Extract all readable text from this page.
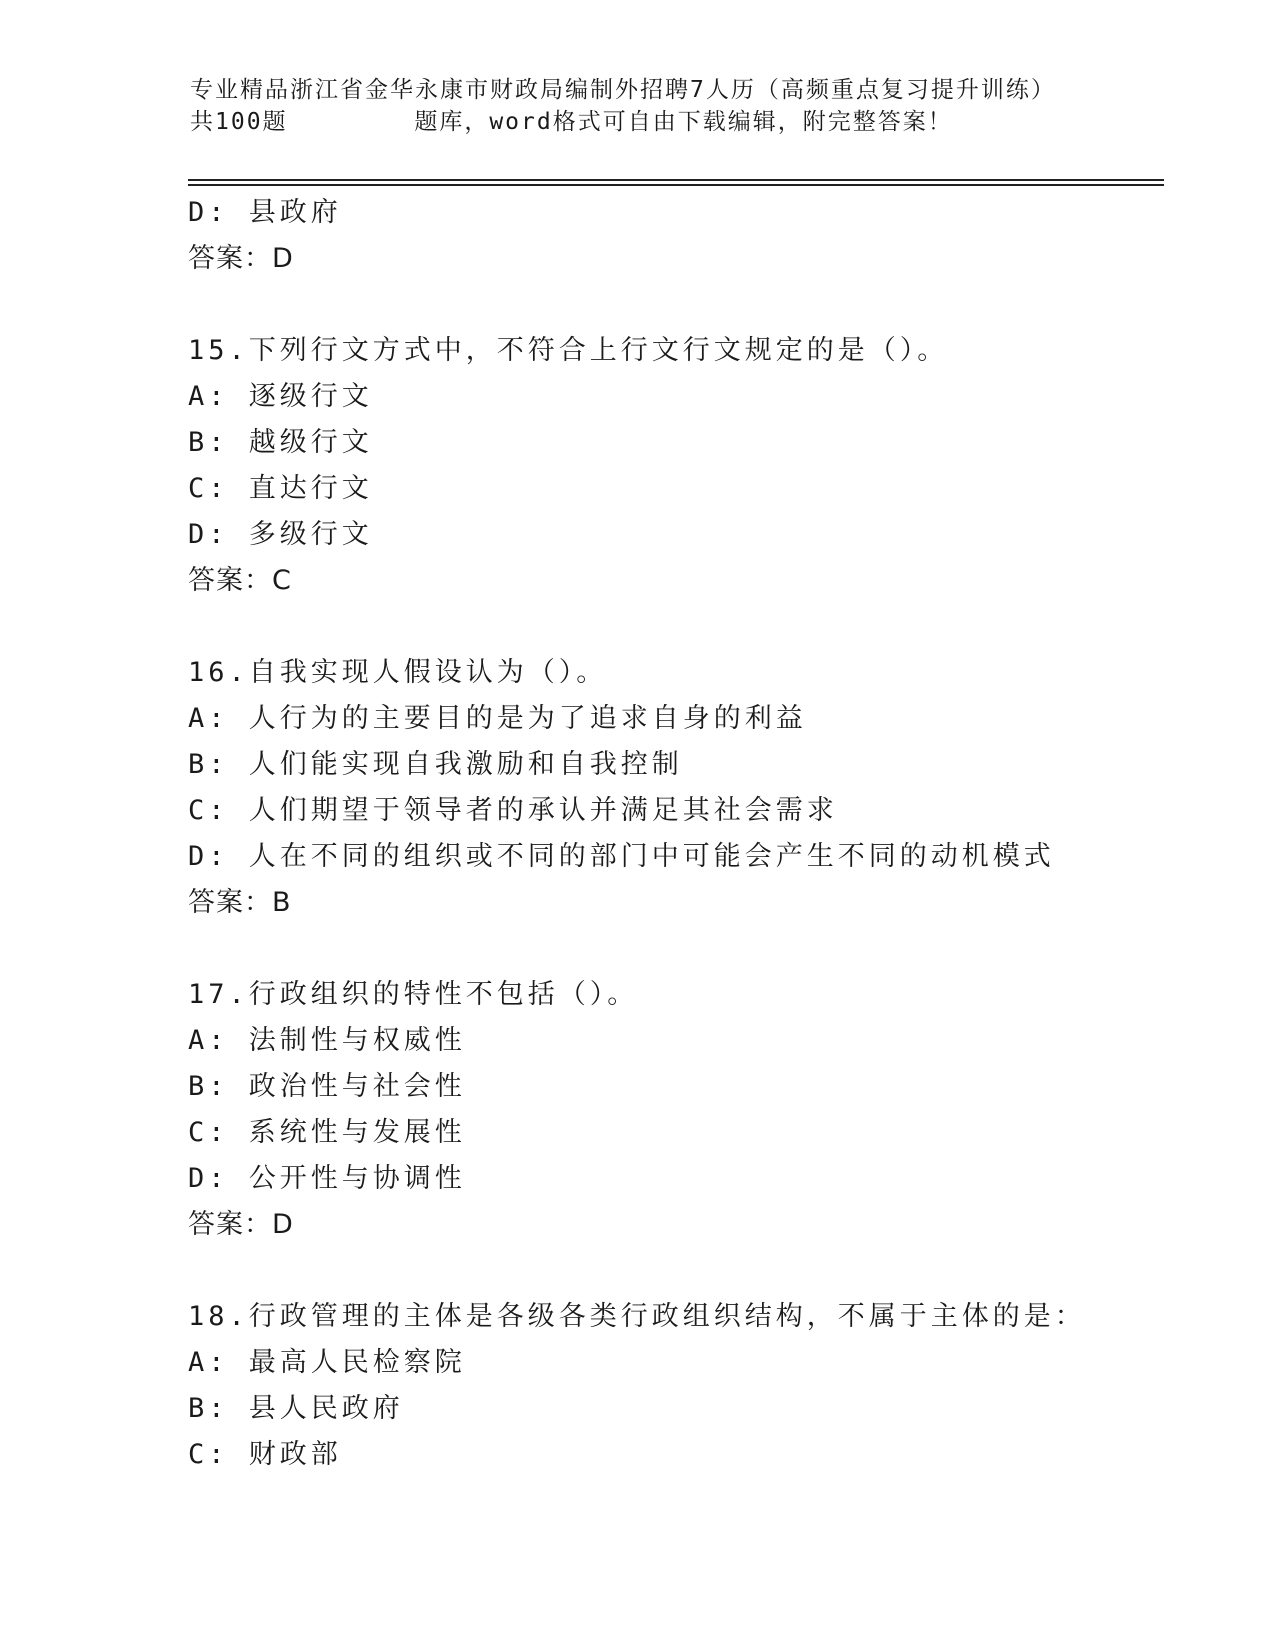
专业精品浙江省金华永康市财政局编制外招聘7人历（高频重点复习提升训练）
共100题        题库，word格式可自由下载编辑，附完整答案！
D: 县政府
答案：D
15.下列行文方式中，不符合上行文行文规定的是（）。
A: 逐级行文
B: 越级行文
C: 直达行文
D: 多级行文
答案：C
16.自我实现人假设认为（）。
A: 人行为的主要目的是为了追求自身的利益
B: 人们能实现自我激励和自我控制
C: 人们期望于领导者的承认并满足其社会需求
D: 人在不同的组织或不同的部门中可能会产生不同的动机模式
答案：B
17.行政组织的特性不包括（）。
A: 法制性与权威性
B: 政治性与社会性
C: 系统性与发展性
D: 公开性与协调性
答案：D
18.行政管理的主体是各级各类行政组织结构，不属于主体的是：
A: 最高人民检察院
B: 县人民政府
C: 财政部
